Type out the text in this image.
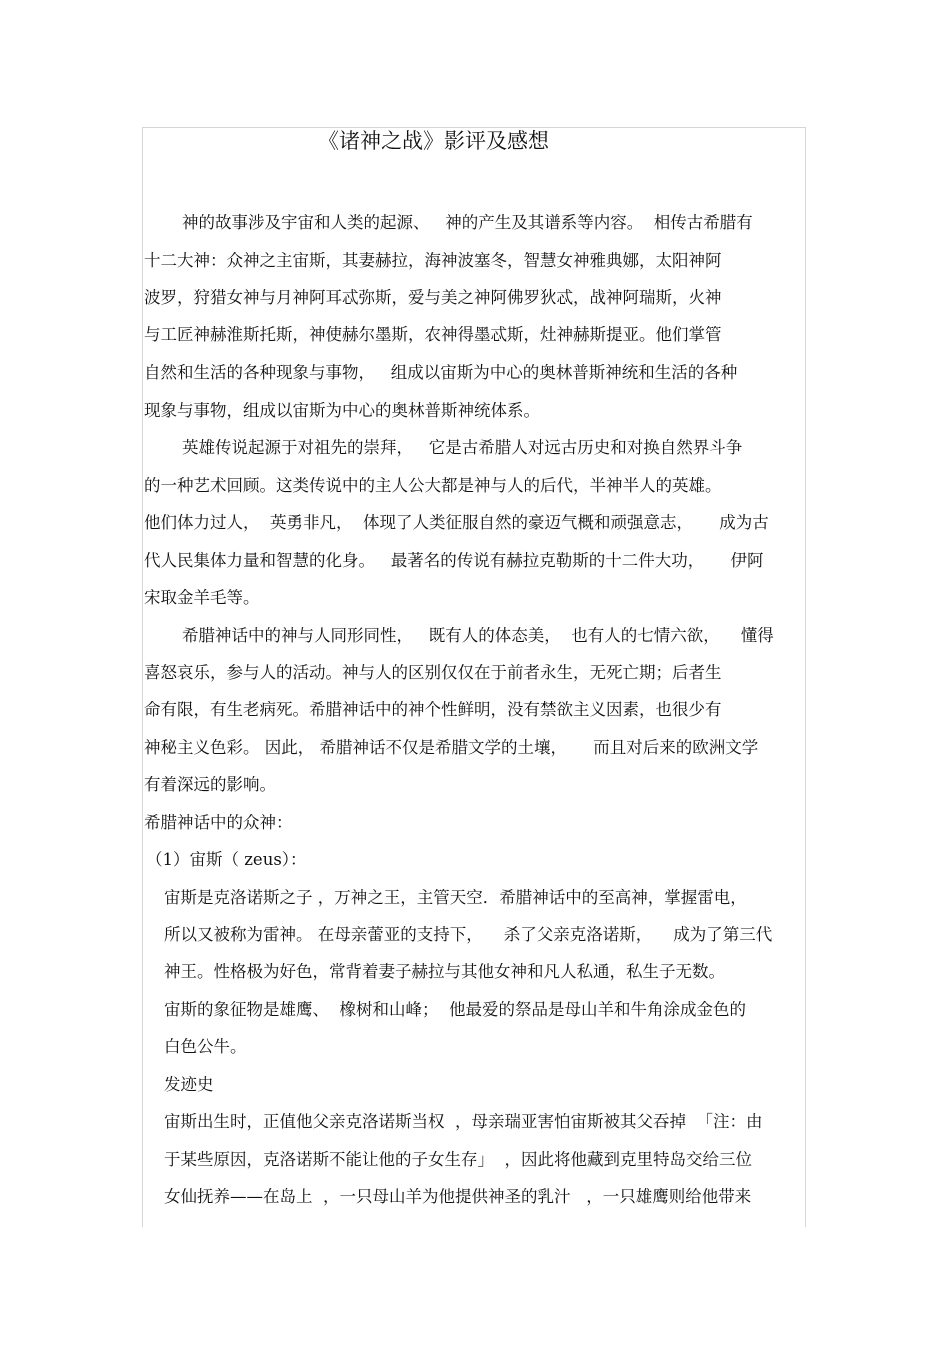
《诸神之战》影评及感想
神的故事涉及宇宙和人类的起源、   神的产生及其谱系等内容。  相传古希腊有
十二大神：众神之主宙斯，其妻赫拉，海神波塞冬，智慧女神雅典娜，太阳神阿
波罗，狩猎女神与月神阿耳忒弥斯，爱与美之神阿佛罗狄忒，战神阿瑞斯，火神
与工匠神赫淮斯托斯，神使赫尔墨斯，农神得墨忒斯，灶神赫斯提亚。他们掌管
自然和生活的各种现象与事物，   组成以宙斯为中心的奥林普斯神统和生活的各种
现象与事物，组成以宙斯为中心的奥林普斯神统体系。
英雄传说起源于对祖先的崇拜，   它是古希腊人对远古历史和对换自然界斗争
的一种艺术回顾。这类传说中的主人公大都是神与人的后代，半神半人的英雄。
他们体力过人，  英勇非凡，  体现了人类征服自然的豪迈气概和顽强意志，     成为古
代人民集体力量和智慧的化身。   最著名的传说有赫拉克勒斯的十二件大功，     伊阿
宋取金羊毛等。
希腊神话中的神与人同形同性，   既有人的体态美，  也有人的七情六欲，    懂得
喜怒哀乐，参与人的活动。神与人的区别仅仅在于前者永生，无死亡期；后者生
命有限，有生老病死。希腊神话中的神个性鲜明，没有禁欲主义因素，也很少有
神秘主义色彩。 因此， 希腊神话不仅是希腊文学的土壤，     而且对后来的欧洲文学
有着深远的影响。
希腊神话中的众神：
（1）宙斯（ zeus）：
宙斯是克洛诺斯之子 ，万神之王，主管天空．希腊神话中的至高神，掌握雷电，
所以又被称为雷神。 在母亲蕾亚的支持下，    杀了父亲克洛诺斯，    成为了第三代
神王。性格极为好色，常背着妻子赫拉与其他女神和凡人私通，私生子无数。
宙斯的象征物是雄鹰、  橡树和山峰；  他最爱的祭品是母山羊和牛角涂成金色的
白色公牛。
发迹史
宙斯出生时，正值他父亲克洛诺斯当权  ，母亲瑞亚害怕宙斯被其父吞掉  「注：由
于某些原因，克洛诺斯不能让他的子女生存」  ，因此将他藏到克里特岛交给三位
女仙抚养——在岛上  ，一只母山羊为他提供神圣的乳汁   ，一只雄鹰则给他带来
